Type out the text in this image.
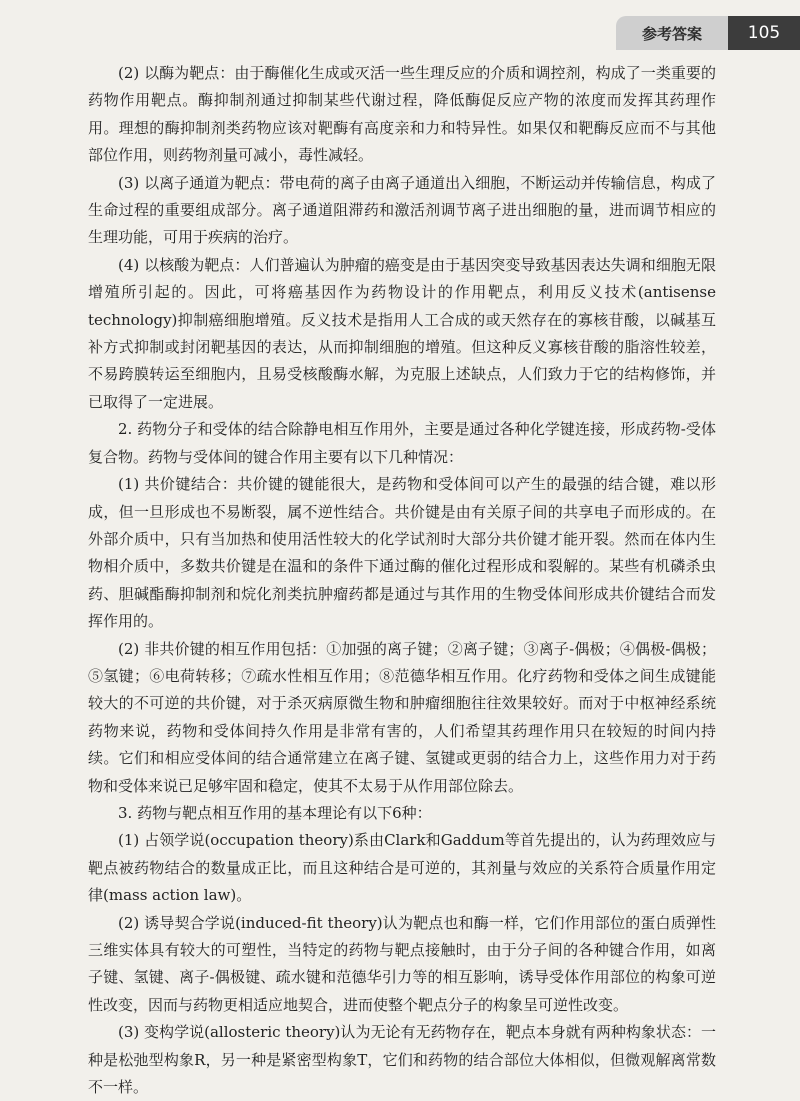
参考答案	105

(2) 以酶为靶点：由于酶催化生成或灭活一些生理反应的介质和调控剂，构成了一类重要的药物作用靶点。酶抑制剂通过抑制某些代谢过程，降低酶促反应产物的浓度而发挥其药理作用。理想的酶抑制剂类药物应该对靶酶有高度亲和力和特异性。如果仅和靶酶反应而不与其他部位作用，则药物剂量可减小，毒性减轻。

(3) 以离子通道为靶点：带电荷的离子由离子通道出入细胞，不断运动并传输信息，构成了生命过程的重要组成部分。离子通道阻滞药和激活剂调节离子进出细胞的量，进而调节相应的生理功能，可用于疾病的治疗。

(4) 以核酸为靶点：人们普遍认为肿瘤的癌变是由于基因突变导致基因表达失调和细胞无限增殖所引起的。因此，可将癌基因作为药物设计的作用靶点，利用反义技术(antisense technology)抑制癌细胞增殖。反义技术是指用人工合成的或天然存在的寡核苷酸，以碱基互补方式抑制或封闭靶基因的表达，从而抑制细胞的增殖。但这种反义寡核苷酸的脂溶性较差，不易跨膜转运至细胞内，且易受核酸酶水解，为克服上述缺点，人们致力于它的结构修饰，并已取得了一定进展。

2. 药物分子和受体的结合除静电相互作用外，主要是通过各种化学键连接，形成药物-受体复合物。药物与受体间的键合作用主要有以下几种情况：

(1) 共价键结合：共价键的键能很大，是药物和受体间可以产生的最强的结合键，难以形成，但一旦形成也不易断裂，属不逆性结合。共价键是由有关原子间的共享电子而形成的。在外部介质中，只有当加热和使用活性较大的化学试剂时大部分共价键才能开裂。然而在体内生物相介质中，多数共价键是在温和的条件下通过酶的催化过程形成和裂解的。某些有机磷杀虫药、胆碱酯酶抑制剂和烷化剂类抗肿瘤药都是通过与其作用的生物受体间形成共价键结合而发挥作用的。

(2) 非共价键的相互作用包括：①加强的离子键；②离子键；③离子-偶极；④偶极-偶极；⑤氢键；⑥电荷转移；⑦疏水性相互作用；⑧范德华相互作用。化疗药物和受体之间生成键能较大的不可逆的共价键，对于杀灭病原微生物和肿瘤细胞往往效果较好。而对于中枢神经系统药物来说，药物和受体间持久作用是非常有害的，人们希望其药理作用只在较短的时间内持续。它们和相应受体间的结合通常建立在离子键、氢键或更弱的结合力上，这些作用力对于药物和受体来说已足够牢固和稳定，使其不太易于从作用部位除去。

3. 药物与靶点相互作用的基本理论有以下6种：

(1) 占领学说(occupation theory)系由Clark和Gaddum等首先提出的，认为药理效应与靶点被药物结合的数量成正比，而且这种结合是可逆的，其剂量与效应的关系符合质量作用定律(mass action law)。

(2) 诱导契合学说(induced-fit theory)认为靶点也和酶一样，它们作用部位的蛋白质弹性三维实体具有较大的可塑性，当特定的药物与靶点接触时，由于分子间的各种键合作用，如离子键、氢键、离子-偶极键、疏水键和范德华引力等的相互影响，诱导受体作用部位的构象可逆性改变，因而与药物更相适应地契合，进而使整个靶点分子的构象呈可逆性改变。

(3) 变构学说(allosteric theory)认为无论有无药物存在，靶点本身就有两种构象状态：一种是松弛型构象R，另一种是紧密型构象T，它们和药物的结合部位大体相似，但微观解离常数不一样。
